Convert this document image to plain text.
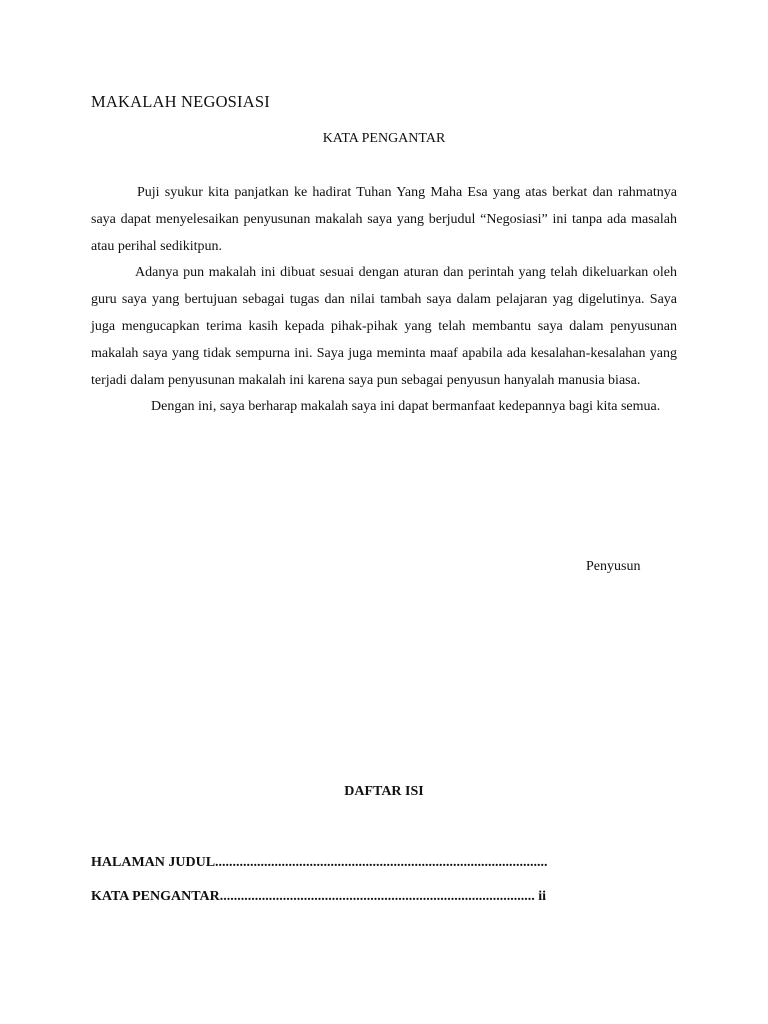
MAKALAH NEGOSIASI
KATA PENGANTAR

Puji syukur kita panjatkan ke hadirat Tuhan Yang Maha Esa yang atas berkat dan rahmatnya saya dapat menyelesaikan penyusunan makalah saya yang berjudul “Negosiasi” ini tanpa ada masalah atau perihal sedikitpun.

Adanya pun makalah ini dibuat sesuai dengan aturan dan perintah yang telah dikeluarkan oleh guru saya yang bertujuan sebagai tugas dan nilai tambah saya dalam pelajaran yag digelutinya. Saya juga mengucapkan terima kasih kepada pihak-pihak yang telah membantu saya dalam penyusunan makalah saya yang tidak sempurna ini. Saya juga meminta maaf apabila ada kesalahan-kesalahan yang terjadi dalam penyusunan makalah ini karena saya pun sebagai penyusun hanyalah manusia biasa.

Dengan ini, saya berharap makalah saya ini dapat bermanfaat kedepannya bagi kita semua.

Penyusun
DAFTAR ISI
HALAMAN JUDUL...............................................................................................
KATA PENGANTAR.......................................................................................... ii
